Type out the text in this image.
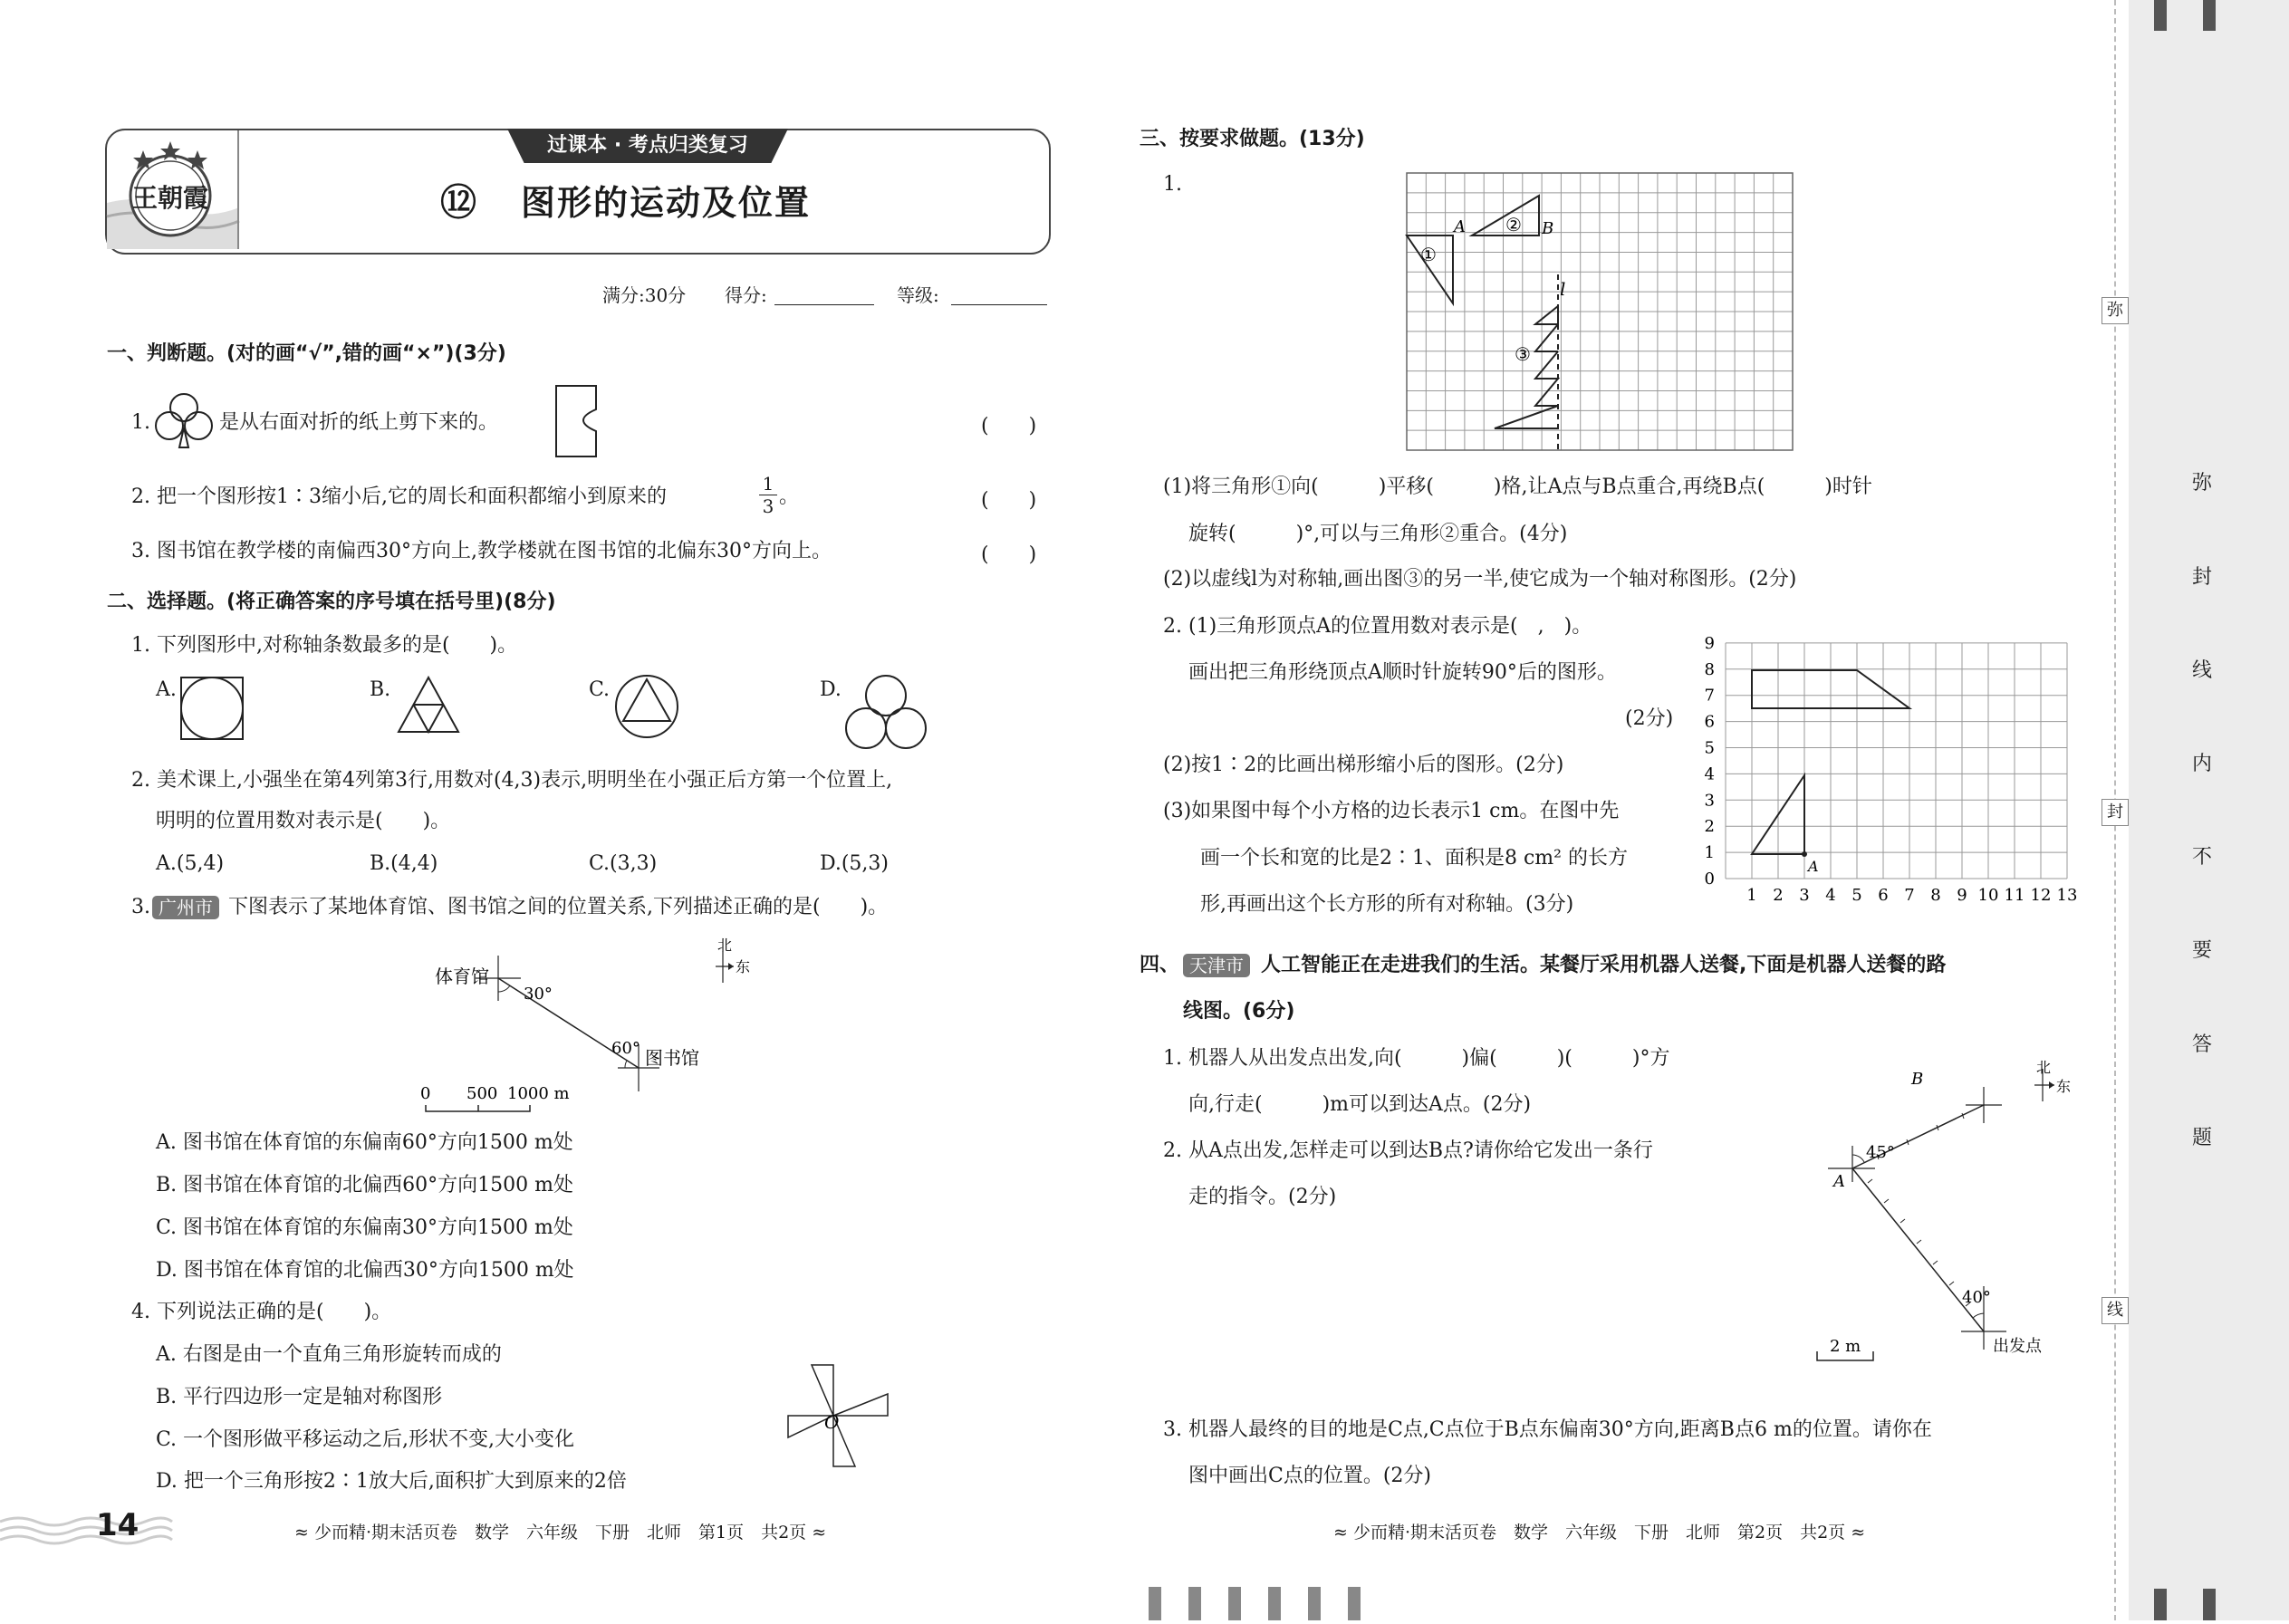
王朝霞
过课本 · 考点归类复习
⑫ 图形的运动及位置
满分:30分 得分:	等级:
一、判断题。(对的画“√”,错的画“×”)(3分)
1.	是从右面对折的纸上剪下来的。	(　　)
2. 把一个图形按1∶3缩小后,它的周长和面积都缩小到原来的	$\frac{1}{3}$ 。	(　　)
3. 图书馆在教学楼的南偏西30°方向上,教学楼就在图书馆的北偏东30°方向上。	(　　)
二、选择题。(将正确答案的序号填在括号里)(8分)
1. 下列图形中,对称轴条数最多的是(　　)。
A.	B.	C.	D.
2. 美术课上,小强坐在第4列第3行,用数对(4,3)表示,明明坐在小强正后方第一个位置上,
明明的位置用数对表示是(　　)。
A.(5,4)	B.(4,4)	C.(3,3)	D.(5,3)
3. 广州市 下图表示了某地体育馆、图书馆之间的位置关系,下列描述正确的是(　　)。
体育馆
30°
60° 图书馆
北
东
0 500 1000 m
A. 图书馆在体育馆的东偏南60°方向1500 m处
B. 图书馆在体育馆的北偏西60°方向1500 m处
C. 图书馆在体育馆的东偏南30°方向1500 m处
D. 图书馆在体育馆的北偏西30°方向1500 m处
4. 下列说法正确的是(　　)。
A. 右图是由一个直角三角形旋转而成的
B. 平行四边形一定是轴对称图形
C. 一个图形做平移运动之后,形状不变,大小变化
D. 把一个三角形按2∶1放大后,面积扩大到原来的2倍
O
14	≈ 少而精·期末活页卷　数学　六年级　下册　北师　第1页　共2页 ≈
三、按要求做题。(13分)
1.
A	B
l
①
②
③
(1)将三角形①向(　　　)平移(　　　)格,让A点与B点重合,再绕B点(　　　)时针
旋转(　　　)°,可以与三角形②重合。(4分)
(2)以虚线l为对称轴,画出图③的另一半,使它成为一个轴对称图形。(2分)
2. (1)三角形顶点A的位置用数对表示是(　,　)。
画出把三角形绕顶点A顺时针旋转90°后的图形。
(2分)
(2)按1∶2的比画出梯形缩小后的图形。(2分)
(3)如果图中每个小方格的边长表示1 cm。在图中先
画一个长和宽的比是2∶1、面积是8 cm² 的长方
形,再画出这个长方形的所有对称轴。(3分)	1 2 3 4 5 6 7 8 9 10 11 12 13
0
1
2
3
4
5
6
7
8
9
A
四、 天津市 人工智能正在走进我们的生活。某餐厅采用机器人送餐,下面是机器人送餐的路
线图。(6分)
1. 机器人从出发点出发,向(　　　)偏(　　　)(　　　)°方
向,行走(　　　)m可以到达A点。(2分)
2. 从A点出发,怎样走可以到达B点?请你给它发出一条行
走的指令。(2分)
B
A
45°
40°
出发点
2 m
北
东
3. 机器人最终的目的地是C点,C点位于B点东偏南30°方向,距离B点6 m的位置。请你在
图中画出C点的位置。(2分)
≈ 少而精·期末活页卷　数学　六年级　下册　北师　第2页　共2页 ≈
弥
封
线
弥
封
线
内
不
要
答
题
